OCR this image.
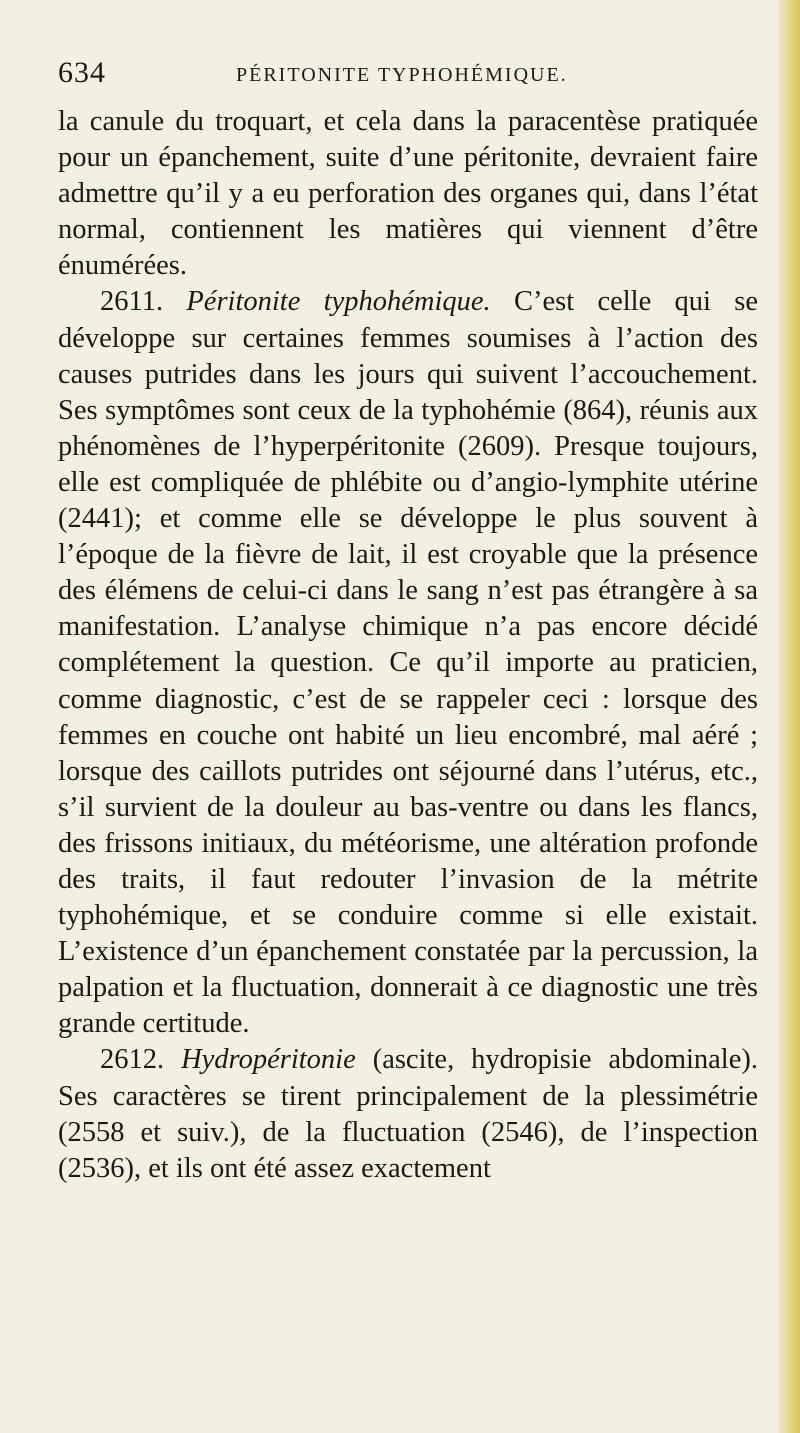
634	PÉRITONITE TYPHOHÉMIQUE.

la canule du troquart, et cela dans la paracentèse pratiquée pour un épanchement, suite d’une péritonite, devraient faire admettre qu’il y a eu perforation des organes qui, dans l’état normal, contiennent les matières qui viennent d’être énumérées.

2611. Péritonite typhohémique. C’est celle qui se développe sur certaines femmes soumises à l’action des causes putrides dans les jours qui suivent l’accouchement. Ses symptômes sont ceux de la typhohémie (864), réunis aux phénomènes de l’hyperpéritonite (2609). Presque toujours, elle est compliquée de phlébite ou d’angio-lymphite utérine (2441); et comme elle se développe le plus souvent à l’époque de la fièvre de lait, il est croyable que la présence des élémens de celui-ci dans le sang n’est pas étrangère à sa manifestation. L’analyse chimique n’a pas encore décidé complétement la question. Ce qu’il importe au praticien, comme diagnostic, c’est de se rappeler ceci : lorsque des femmes en couche ont habité un lieu encombré, mal aéré ; lorsque des caillots putrides ont séjourné dans l’utérus, etc., s’il survient de la douleur au bas-ventre ou dans les flancs, des frissons initiaux, du météorisme, une altération profonde des traits, il faut redouter l’invasion de la métrite typhohémique, et se conduire comme si elle existait. L’existence d’un épanchement constatée par la percussion, la palpation et la fluctuation, donnerait à ce diagnostic une très grande certitude.

2612. Hydropéritonie (ascite, hydropisie abdominale). Ses caractères se tirent principalement de la plessimétrie (2558 et suiv.), de la fluctuation (2546), de l’inspection (2536), et ils ont été assez exactement
